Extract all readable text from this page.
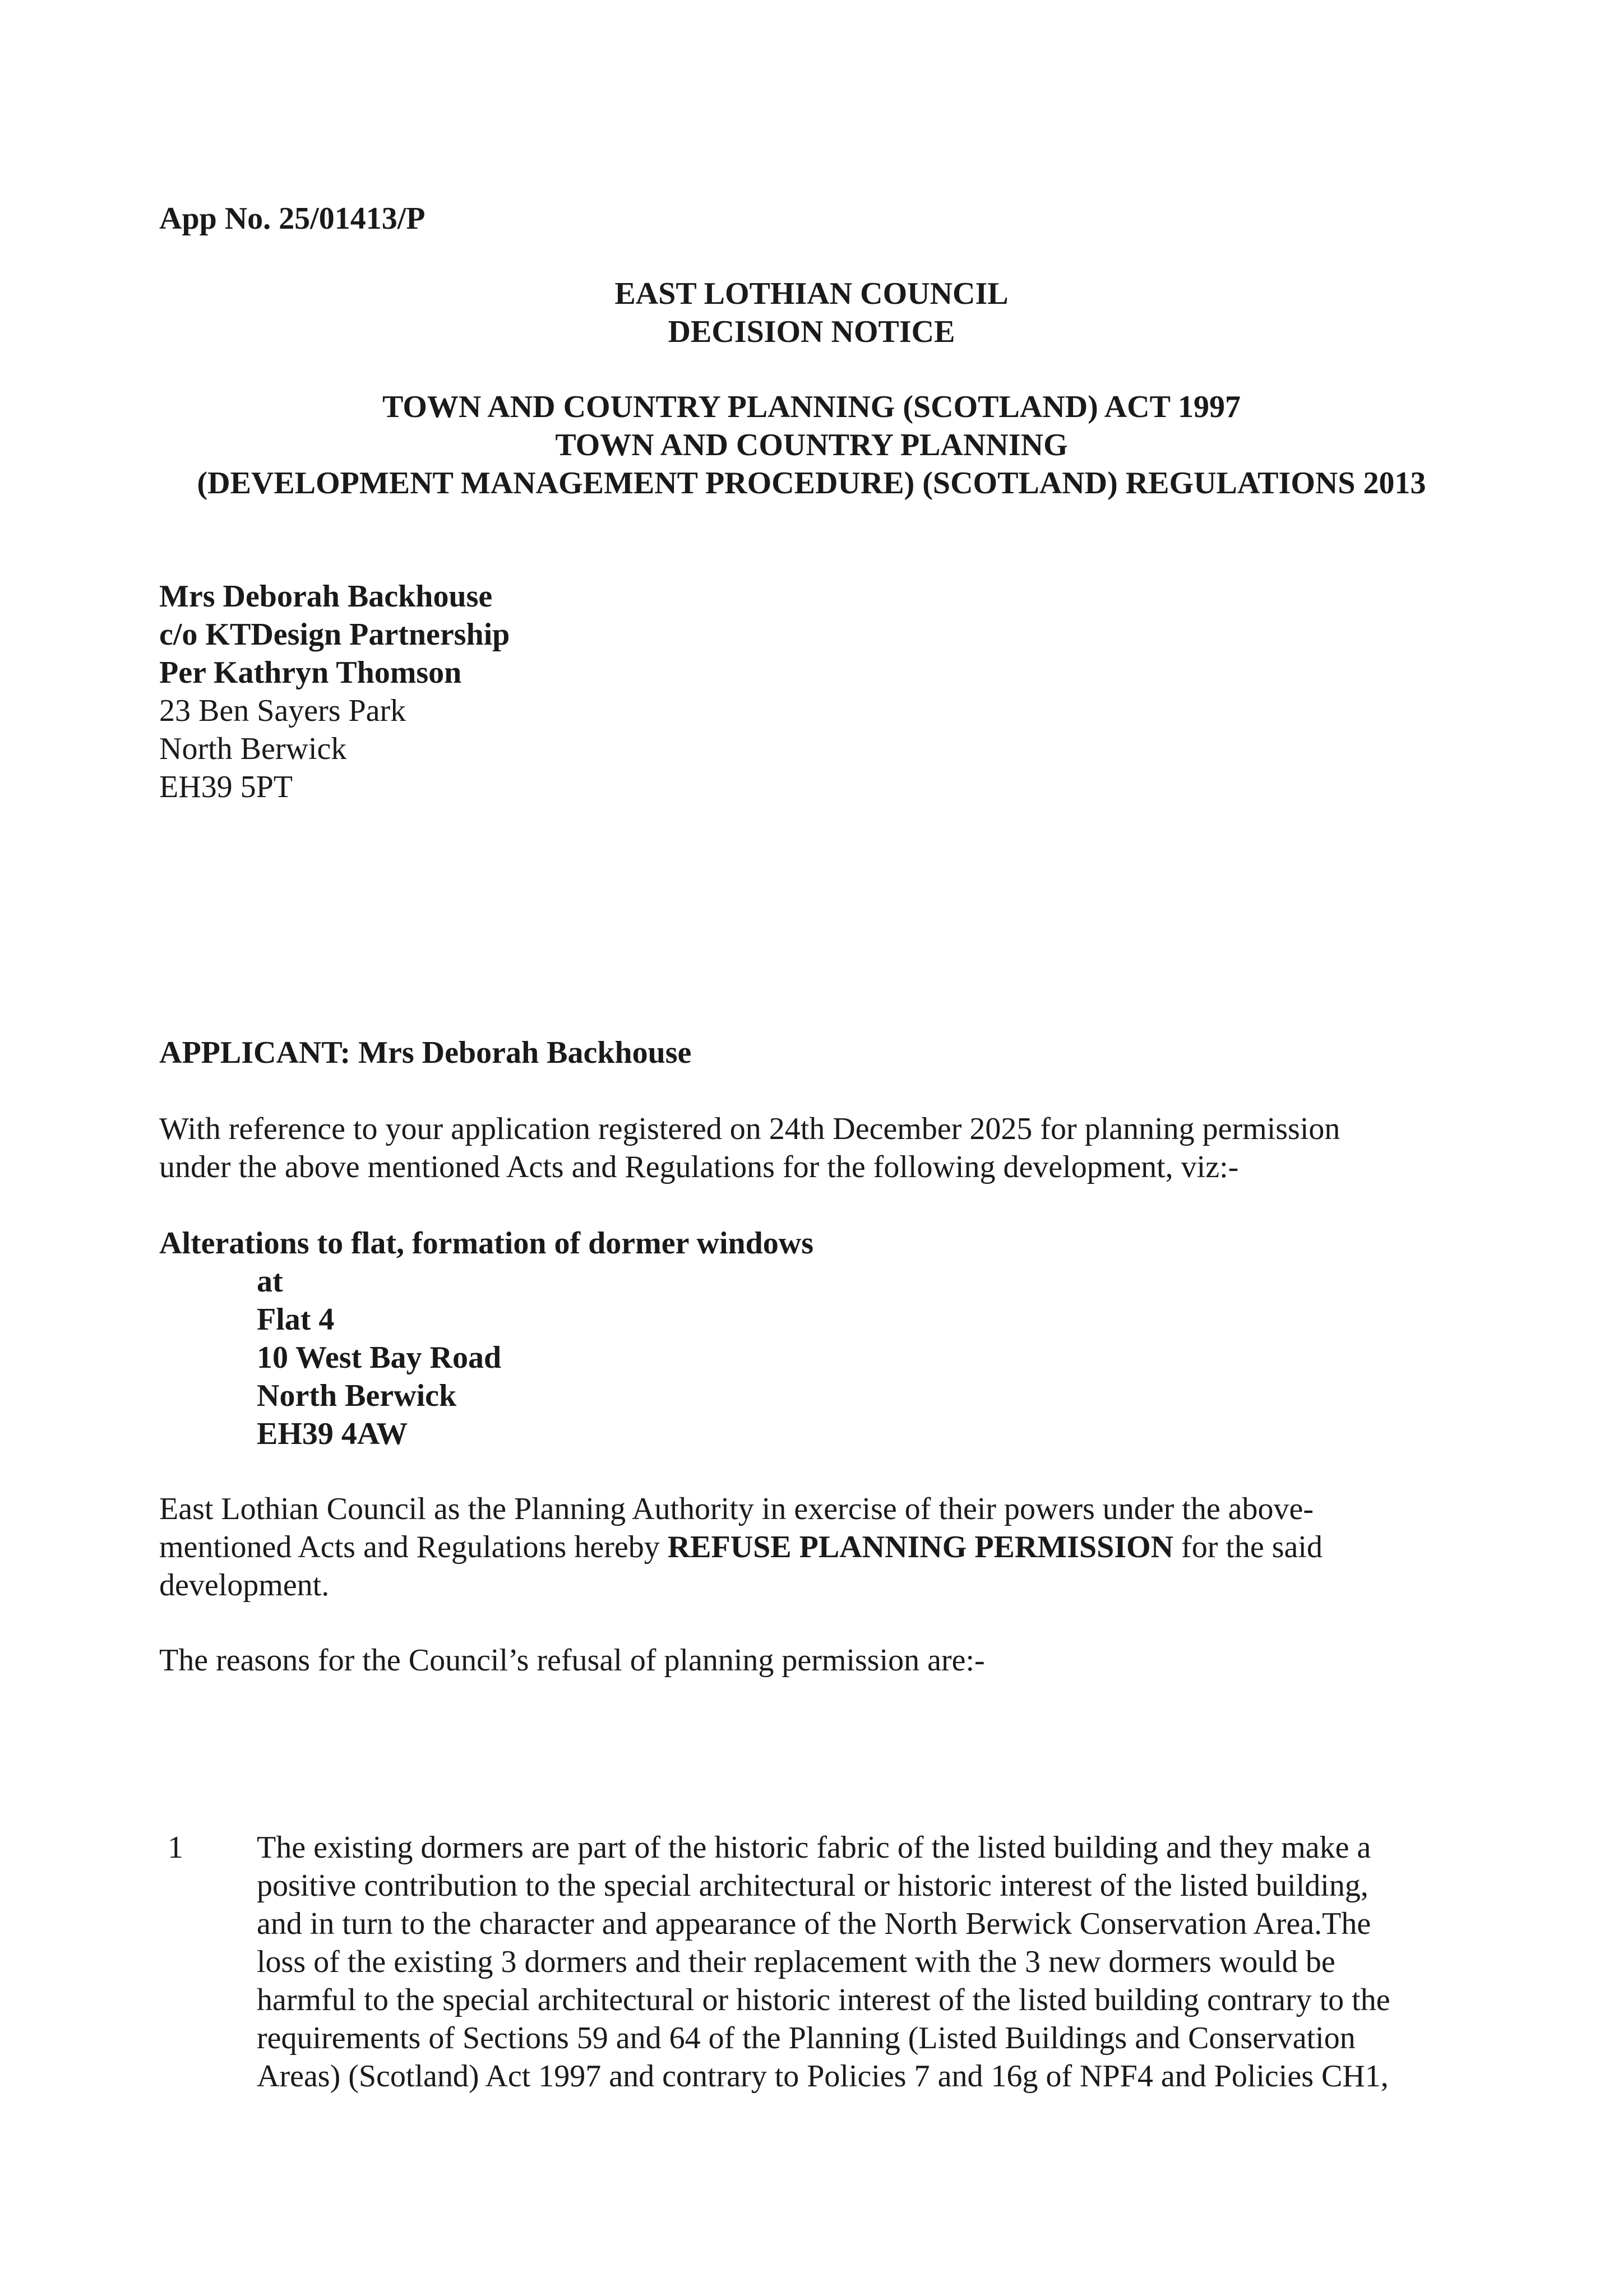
App No. 25/01413/P
EAST LOTHIAN COUNCIL
DECISION NOTICE
TOWN AND COUNTRY PLANNING (SCOTLAND) ACT 1997
TOWN AND COUNTRY PLANNING
(DEVELOPMENT MANAGEMENT PROCEDURE) (SCOTLAND) REGULATIONS 2013
Mrs Deborah Backhouse
c/o KTDesign Partnership
Per Kathryn Thomson
23 Ben Sayers Park
North Berwick
EH39 5PT
APPLICANT: Mrs Deborah Backhouse
With reference to your application registered on 24th December 2025 for planning permission
under the above mentioned Acts and Regulations for the following development, viz:-
Alterations to flat, formation of dormer windows
at
Flat 4
10 West Bay Road
North Berwick
EH39 4AW
East Lothian Council as the Planning Authority in exercise of their powers under the above-
mentioned Acts and Regulations hereby REFUSE PLANNING PERMISSION for the said
development.
The reasons for the Council’s refusal of planning permission are:-
1 The existing dormers are part of the historic fabric of the listed building and they make a
positive contribution to the special architectural or historic interest of the listed building,
and in turn to the character and appearance of the North Berwick Conservation Area.The
loss of the existing 3 dormers and their replacement with the 3 new dormers would be
harmful to the special architectural or historic interest of the listed building contrary to the
requirements of Sections 59 and 64 of the Planning (Listed Buildings and Conservation
Areas) (Scotland) Act 1997 and contrary to Policies 7 and 16g of NPF4 and Policies CH1,
